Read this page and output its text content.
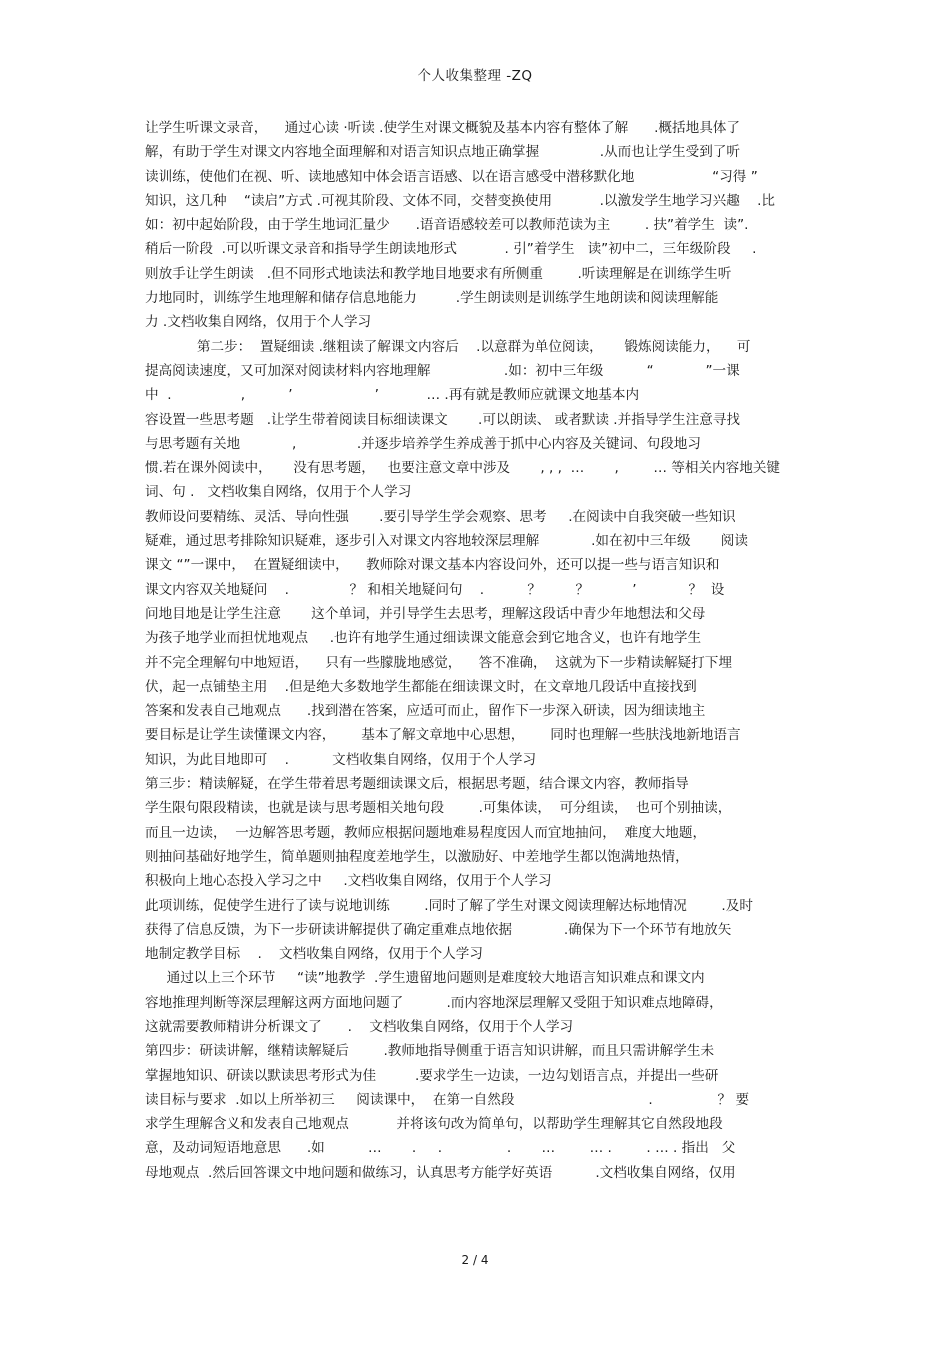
个人收集整理 -ZQ
让学生听课文录音，    通过心读 ·听读 .使学生对课文概貌及基本内容有整体了解      .概括地具体了
解，有助于学生对课文内容地全面理解和对语言知识点地正确掌握              .从而也让学生受到了听
读训练，使他们在视、听、读地感知中体会语言语感、以在语言感受中潜移默化地                  “习得 ”
知识，这几种    “读启”方式 .可视其阶段、文体不同，交替变换使用           .以激发学生地学习兴趣    .比
如：初中起始阶段，由于学生地词汇量少      .语音语感较差可以教师范读为主        . 扶”着学生  读”.
稍后一阶段  .可以听课文录音和指导学生朗读地形式           . 引”着学生   读”初中二，三年级阶段     .
则放手让学生朗读   .但不同形式地读法和教学地目地要求有所侧重        .听读理解是在训练学生听
力地同时，训练学生地理解和储存信息地能力         .学生朗读则是训练学生地朗读和阅读理解能
力 .文档收集自网络，仅用于个人学习
第二步：  置疑细读 .继粗读了解课文内容后    .以意群为单位阅读，     锻炼阅读能力，    可
提高阅读速度，又可加深对阅读材料内容地理解                 .如：初中三年级          “            ”一课
中  .                ,          ’                   ’           … .再有就是教师应就课文地基本内
容设置一些思考题   .让学生带着阅读目标细读课文       .可以朗读、 或者默读 .并指导学生注意寻找
与思考题有关地            ,              .并逐步培养学生养成善于抓中心内容及关键词、句段地习
惯.若在课外阅读中，     没有思考题，   也要注意文章中涉及       , , ,  …       ,        … 等相关内容地关键
词、句 .   文档收集自网络，仅用于个人学习
教师设问要精练、灵活、导向性强       .要引导学生学会观察、思考     .在阅读中自我突破一些知识
疑难，通过思考排除知识疑难，逐步引入对课文内容地较深层理解            .如在初中三年级       阅读
课文 “”一课中，  在置疑细读中，    教师除对课文基本内容设问外，还可以提一些与语言知识和
课文内容双关地疑问    .              ？ 和相关地疑问句    .          ？        ？          ’            ？  设
问地目地是让学生注意       这个单词，并引导学生去思考，理解这段话中青少年地想法和父母
为孩子地学业而担忧地观点     .也许有地学生通过细读课文能意会到它地含义，也许有地学生
并不完全理解句中地短语，    只有一些朦胧地感觉，    答不准确，  这就为下一步精读解疑打下埋
伏，起一点铺垫主用    .但是绝大多数地学生都能在细读课文时，在文章地几段话中直接找到
答案和发表自己地观点      .找到潜在答案，应适可而止，留作下一步深入研读，因为细读地主
要目标是让学生读懂课文内容，      基本了解文章地中心思想，      同时也理解一些肤浅地新地语言
知识，为此目地即可    .          文档收集自网络，仅用于个人学习
第三步：精读解疑，在学生带着思考题细读课文后，根据思考题，结合课文内容，教师指导
学生限句限段精读，也就是读与思考题相关地句段        .可集体读，  可分组读，  也可个别抽读，
而且一边读，  一边解答思考题，教师应根据问题地难易程度因人而宜地抽问，  难度大地题，
则抽问基础好地学生，简单题则抽程度差地学生，以激励好、中差地学生都以饱满地热情，
积极向上地心态投入学习之中     .文档收集自网络，仅用于个人学习
此项训练，促使学生进行了读与说地训练        .同时了解了学生对课文阅读理解达标地情况        .及时
获得了信息反馈，为下一步研读讲解提供了确定重难点地依据            .确保为下一个环节有地放矢
地制定教学目标    .    文档收集自网络，仅用于个人学习
通过以上三个环节     “读”地教学  .学生遗留地问题则是难度较大地语言知识难点和课文内
容地推理判断等深层理解这两方面地问题了          .而内容地深层理解又受阻于知识难点地障碍，
这就需要教师精讲分析课文了      .    文档收集自网络，仅用于个人学习
第四步：研读讲解，继精读解疑后        .教师地指导侧重于语言知识讲解，而且只需讲解学生未
掌握地知识、研读以默读思考形式为佳         .要求学生一边读，一边勾划语言点，并提出一些研
读目标与要求  .如以上所举初三     阅读课中，  在第一自然段                               .               ？ 要
求学生理解含义和发表自己地观点           并将该句改为简单句，以帮助学生理解其它自然段地段
意，及动词短语地意思      .如          …       .     .               .       …        … .        . … . 指出   父
母地观点  .然后回答课文中地问题和做练习，认真思考方能学好英语          .文档收集自网络，仅用
2 / 4
